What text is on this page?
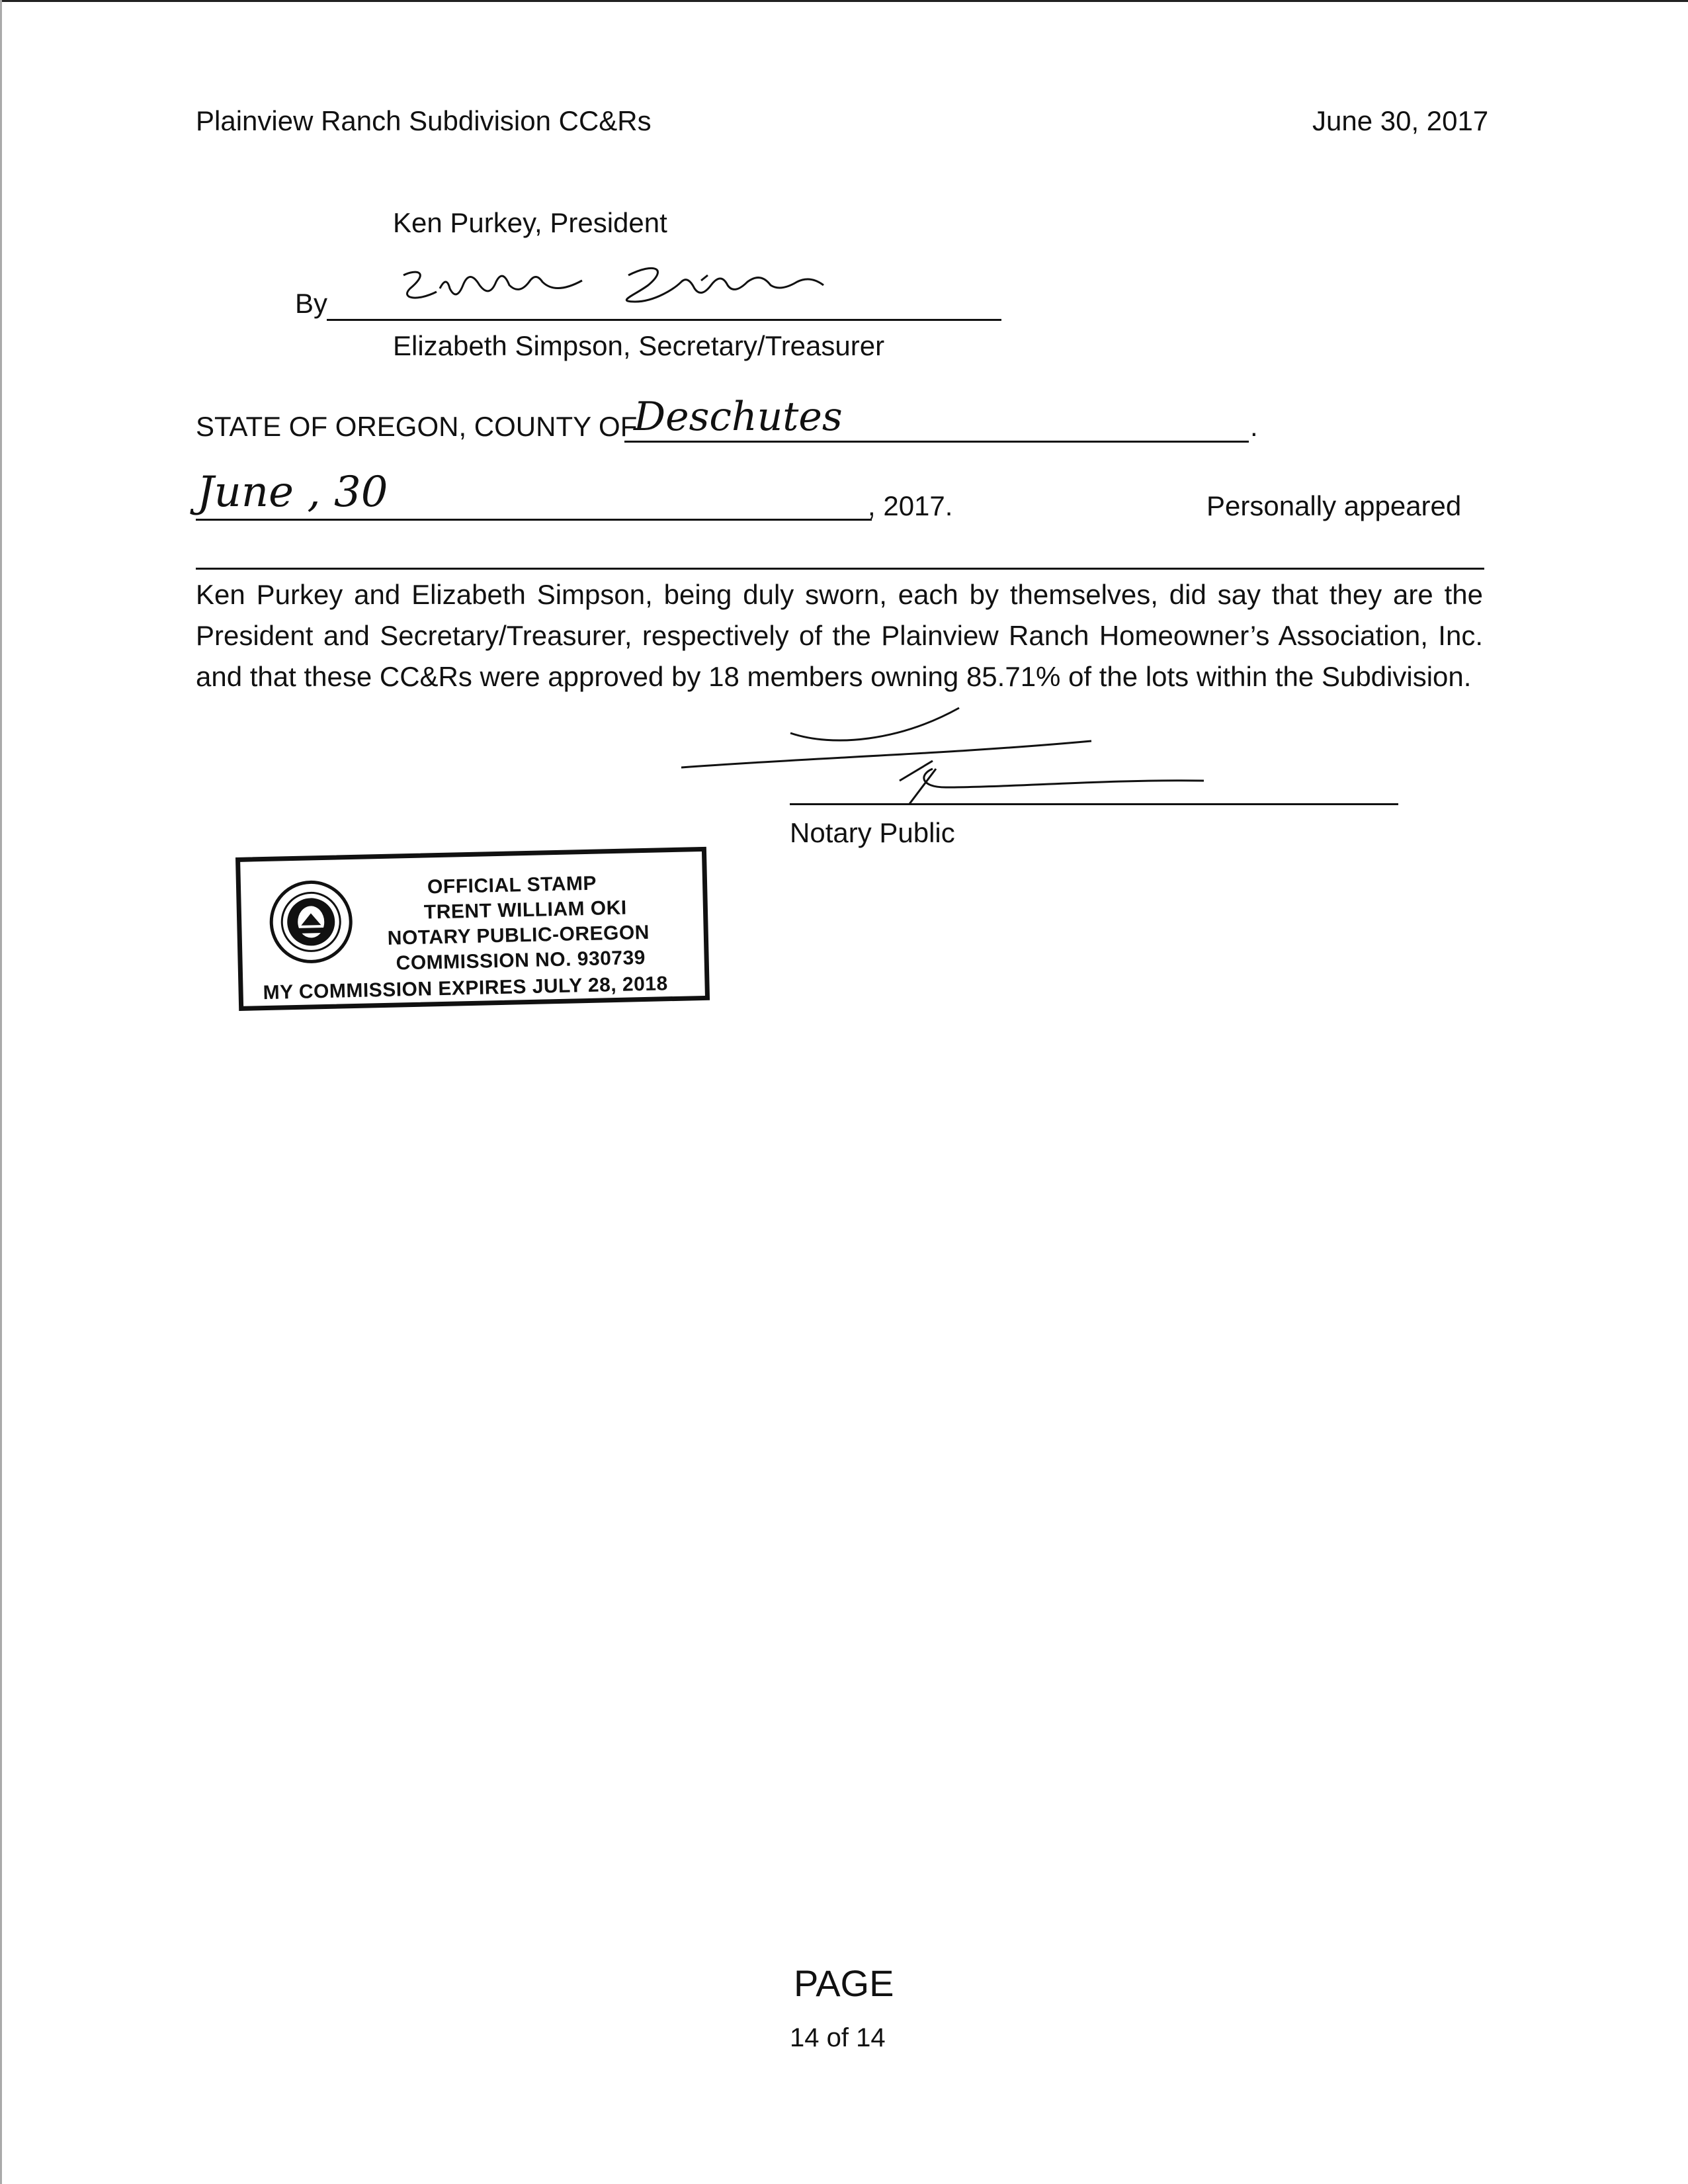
Plainview Ranch Subdivision CC&Rs	June 30, 2017
Ken Purkey, President
By
Elizabeth Simpson, Secretary/Treasurer
STATE OF OREGON, COUNTY OF
Deschutes	.
June , 30	, 2017.	Personally appeared
Ken Purkey and Elizabeth Simpson, being duly sworn, each by themselves, did say that they are the President and Secretary/Treasurer, respectively of the Plainview Ranch Homeowner’s Association, Inc. and that these CC&Rs were approved by 18 members owning 85.71% of the lots within the Subdivision.
Notary Public
OFFICIAL STAMP
TRENT WILLIAM OKI
NOTARY PUBLIC-OREGON
COMMISSION NO. 930739
MY COMMISSION EXPIRES JULY 28, 2018
PAGE
14 of 14
